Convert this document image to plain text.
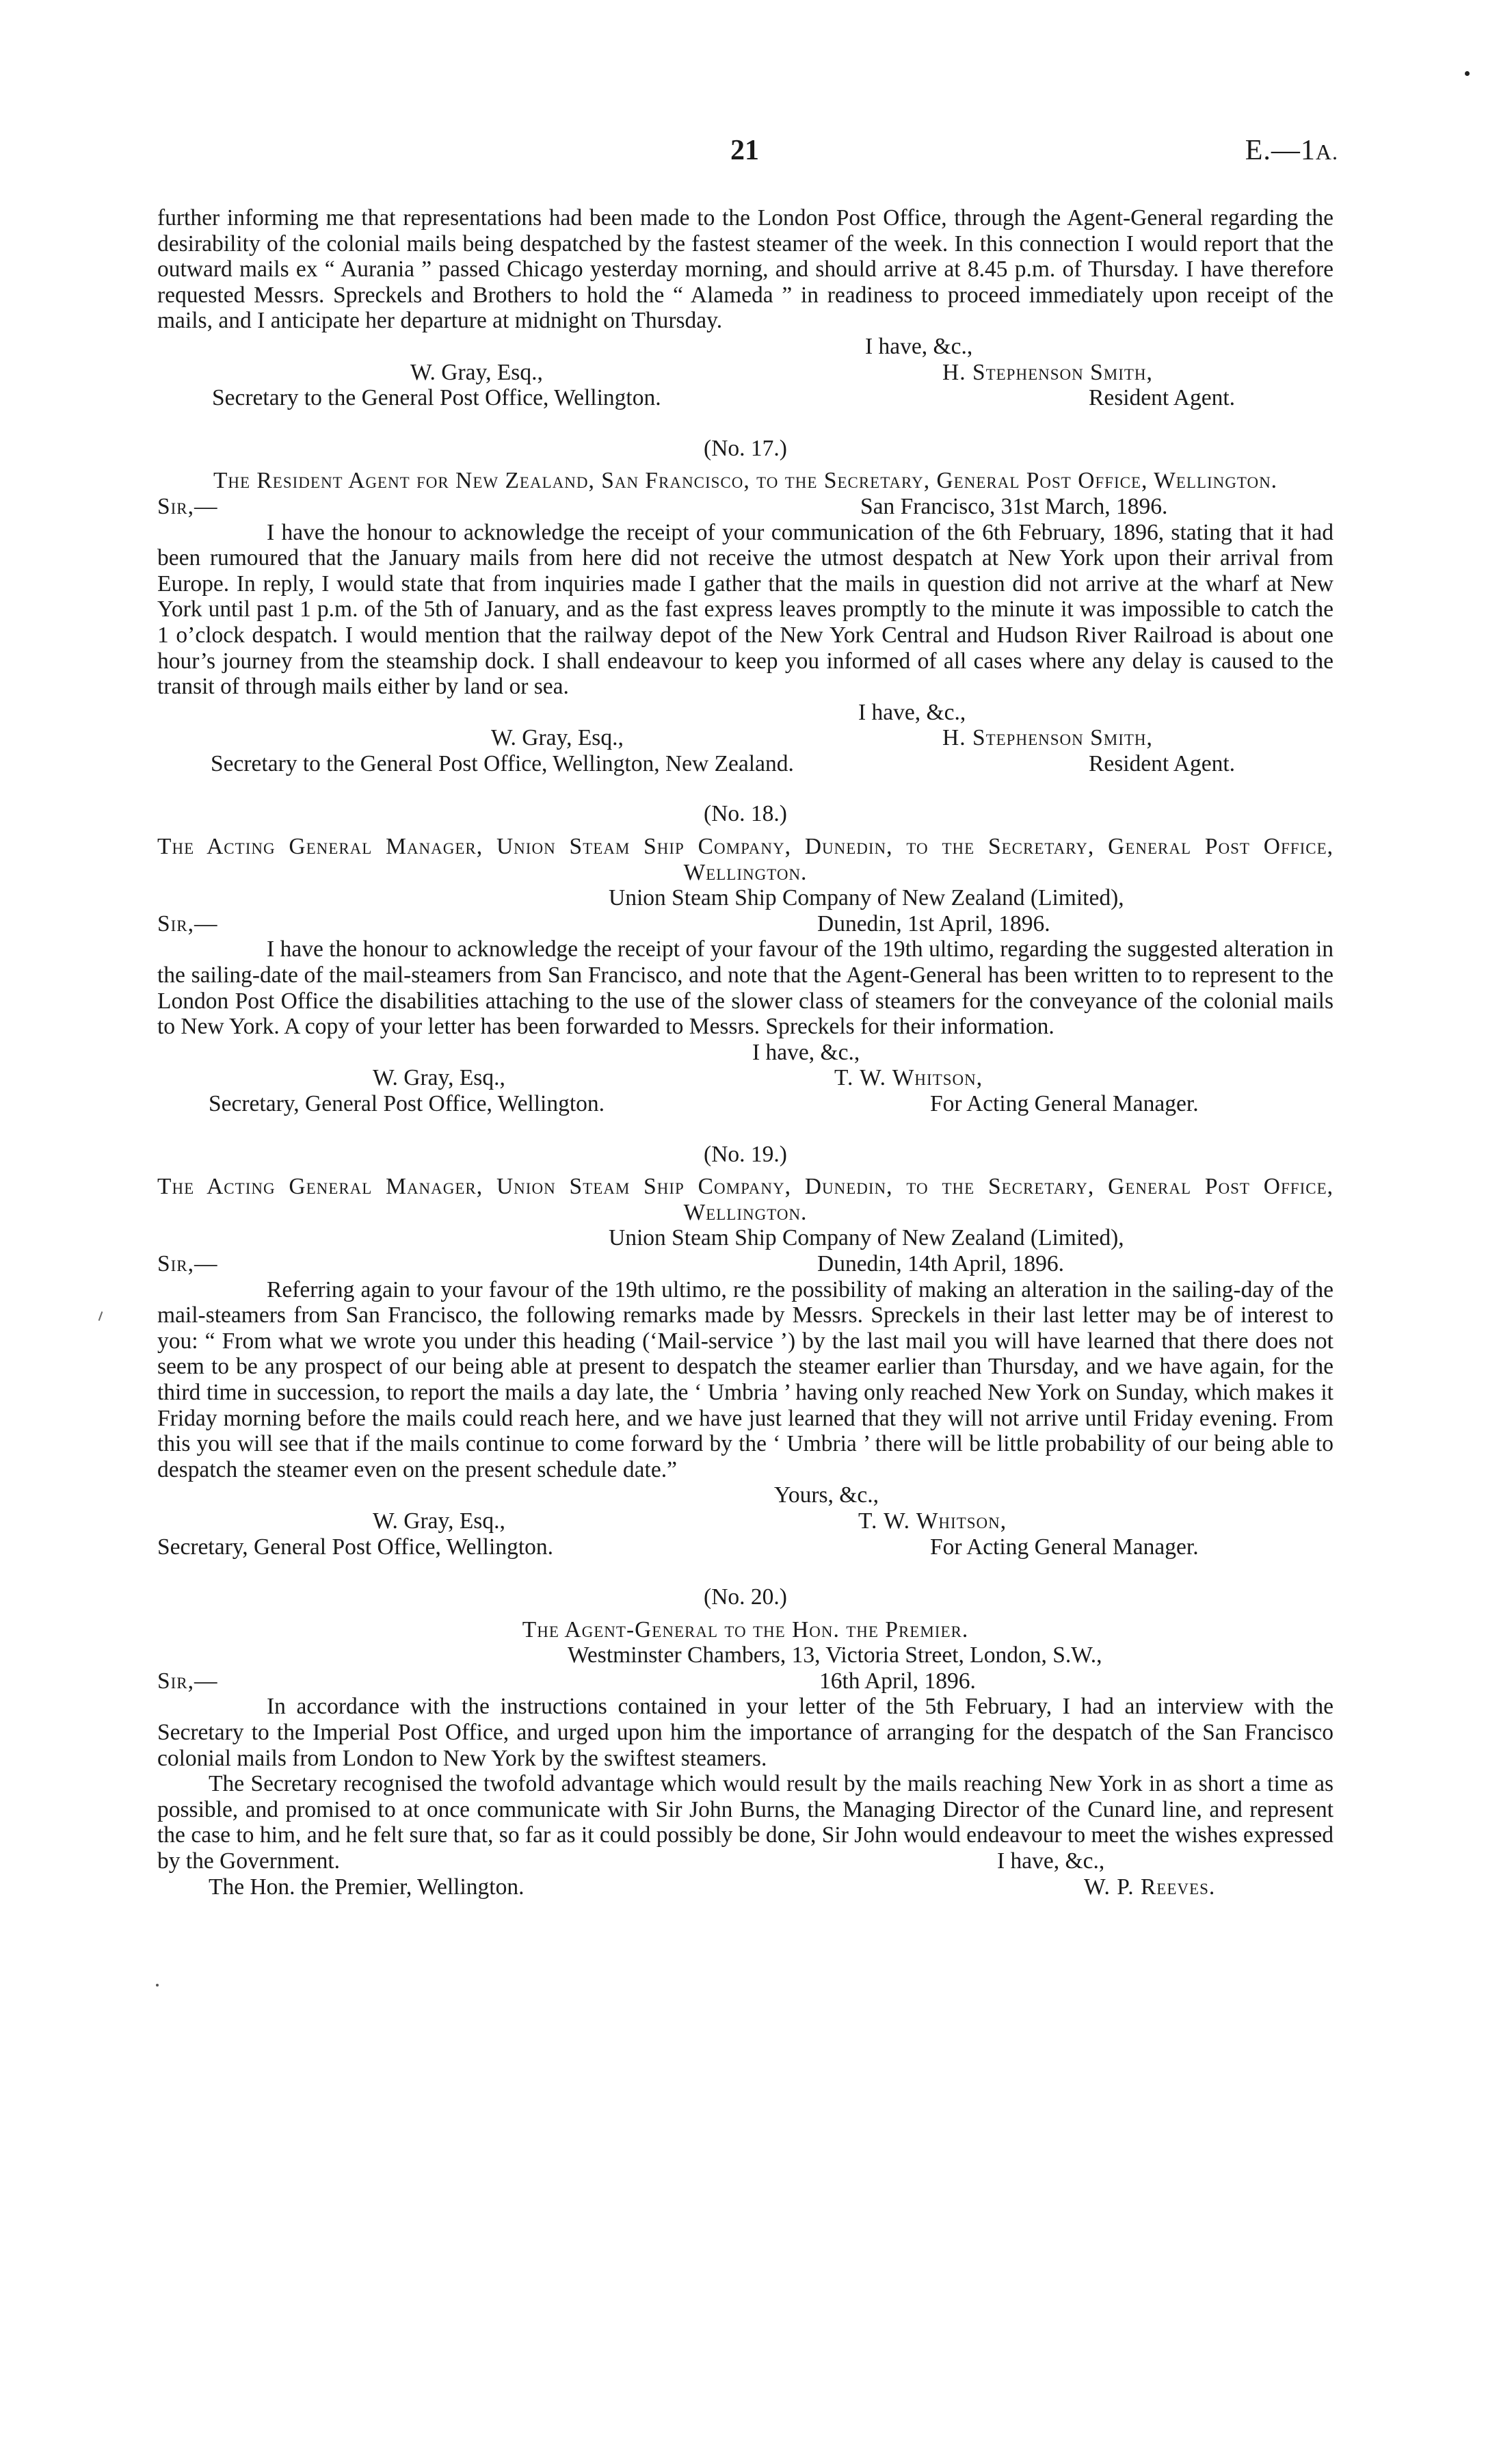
21	E.—1A.

further informing me that representations had been made to the London Post Office, through the Agent-General regarding the desirability of the colonial mails being despatched by the fastest steamer of the week. In this connection I would report that the outward mails ex “ Aurania ” passed Chicago yesterday morning, and should arrive at 8.45 p.m. of Thursday. I have therefore requested Messrs. Spreckels and Brothers to hold the “ Alameda ” in readiness to proceed immediately upon receipt of the mails, and I anticipate her departure at midnight on Thursday.

I have, &c.,
W. Gray, Esq.,	H. Stephenson Smith,
Secretary to the General Post Office, Wellington.	Resident Agent.
(No. 17.)

The Resident Agent for New Zealand, San Francisco, to the Secretary, General Post Office, Wellington.

Sir,—	San Francisco, 31st March, 1896.

I have the honour to acknowledge the receipt of your communication of the 6th February, 1896, stating that it had been rumoured that the January mails from here did not receive the utmost despatch at New York upon their arrival from Europe. In reply, I would state that from inquiries made I gather that the mails in question did not arrive at the wharf at New York until past 1 p.m. of the 5th of January, and as the fast express leaves promptly to the minute it was impossible to catch the 1 o’clock despatch. I would mention that the railway depot of the New York Central and Hudson River Railroad is about one hour’s journey from the steamship dock. I shall endeavour to keep you informed of all cases where any delay is caused to the transit of through mails either by land or sea.

I have, &c.,
W. Gray, Esq.,	H. Stephenson Smith,
Secretary to the General Post Office, Wellington, New Zealand.	Resident Agent.
(No. 18.)

The Acting General Manager, Union Steam Ship Company, Dunedin, to the Secretary, General Post Office, Wellington.

Union Steam Ship Company of New Zealand (Limited),
Sir,—	Dunedin, 1st April, 1896.

I have the honour to acknowledge the receipt of your favour of the 19th ultimo, regarding the suggested alteration in the sailing-date of the mail-steamers from San Francisco, and note that the Agent-General has been written to to represent to the London Post Office the disabilities attaching to the use of the slower class of steamers for the conveyance of the colonial mails to New York. A copy of your letter has been forwarded to Messrs. Spreckels for their information.

I have, &c.,
W. Gray, Esq.,	T. W. Whitson,
Secretary, General Post Office, Wellington.	For Acting General Manager.
(No. 19.)

The Acting General Manager, Union Steam Ship Company, Dunedin, to the Secretary, General Post Office, Wellington.

Union Steam Ship Company of New Zealand (Limited),
Sir,—	Dunedin, 14th April, 1896.

Referring again to your favour of the 19th ultimo, re the possibility of making an alteration in the sailing-day of the mail-steamers from San Francisco, the following remarks made by Messrs. Spreckels in their last letter may be of interest to you: “ From what we wrote you under this heading (‘Mail-service ’) by the last mail you will have learned that there does not seem to be any prospect of our being able at present to despatch the steamer earlier than Thursday, and we have again, for the third time in succession, to report the mails a day late, the ‘ Umbria ’ having only reached New York on Sunday, which makes it Friday morning before the mails could reach here, and we have just learned that they will not arrive until Friday evening. From this you will see that if the mails continue to come forward by the ‘ Umbria ’ there will be little probability of our being able to despatch the steamer even on the present schedule date.”

Yours, &c.,
W. Gray, Esq.,	T. W. Whitson,
Secretary, General Post Office, Wellington.	For Acting General Manager.
(No. 20.)
The Agent-General to the Hon. the Premier.
Westminster Chambers, 13, Victoria Street, London, S.W.,
Sir,—	16th April, 1896.

In accordance with the instructions contained in your letter of the 5th February, I had an interview with the Secretary to the Imperial Post Office, and urged upon him the importance of arranging for the despatch of the San Francisco colonial mails from London to New York by the swiftest steamers.

The Secretary recognised the twofold advantage which would result by the mails reaching New York in as short a time as possible, and promised to at once communicate with Sir John Burns, the Managing Director of the Cunard line, and represent the case to him, and he felt sure that, so far as it could possibly be done, Sir John would endeavour to meet the wishes expressed by the Government.	I have, &c.,
The Hon. the Premier, Wellington.	W. P. Reeves.
